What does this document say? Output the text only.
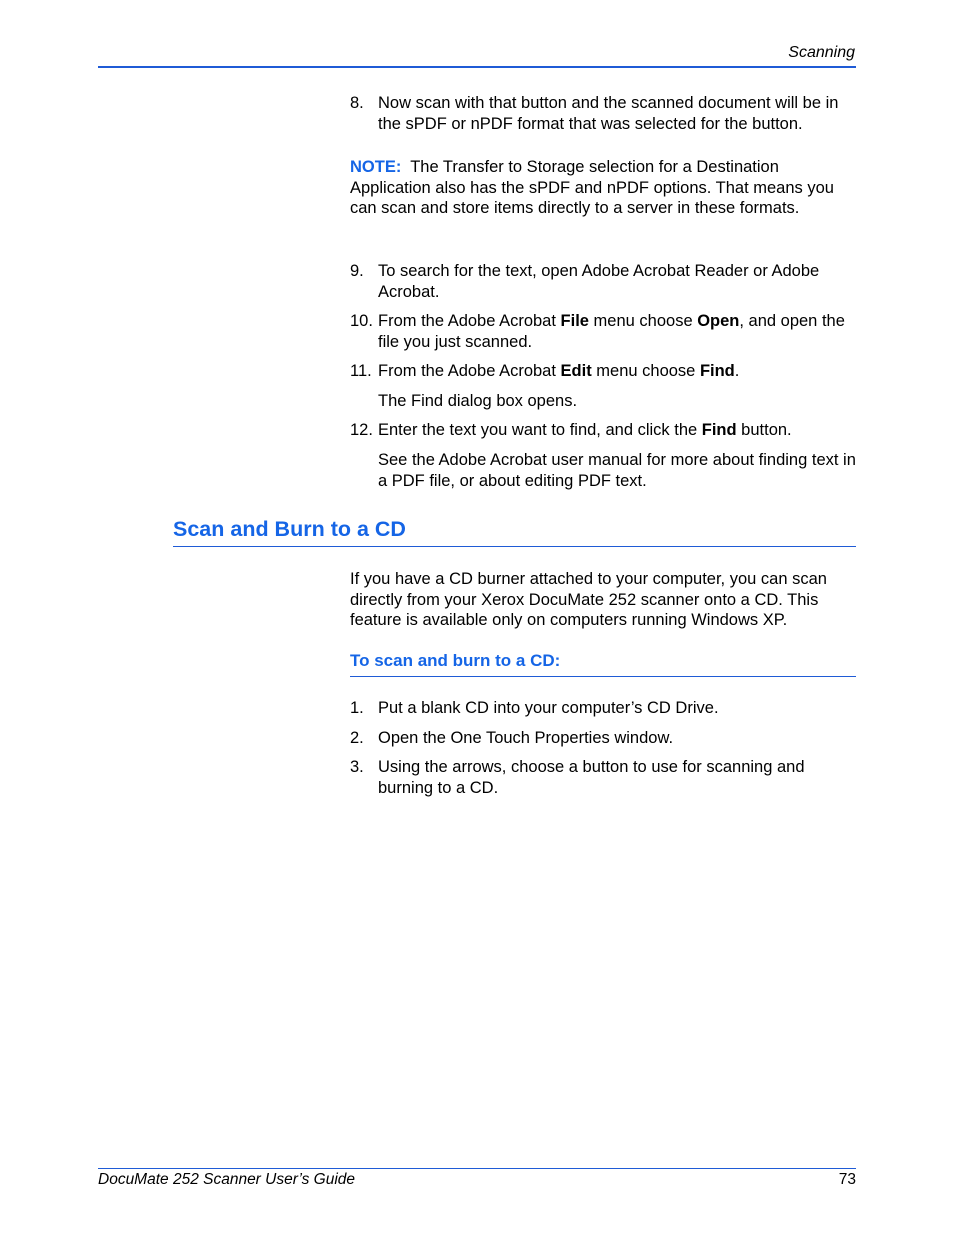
Scanning
8. Now scan with that button and the scanned document will be in the sPDF or nPDF format that was selected for the button.
NOTE: The Transfer to Storage selection for a Destination Application also has the sPDF and nPDF options. That means you can scan and store items directly to a server in these formats.
9. To search for the text, open Adobe Acrobat Reader or Adobe Acrobat.
10. From the Adobe Acrobat File menu choose Open, and open the file you just scanned.
11. From the Adobe Acrobat Edit menu choose Find.
The Find dialog box opens.
12. Enter the text you want to find, and click the Find button.
See the Adobe Acrobat user manual for more about finding text in a PDF file, or about editing PDF text.
Scan and Burn to a CD
If you have a CD burner attached to your computer, you can scan directly from your Xerox DocuMate 252 scanner onto a CD. This feature is available only on computers running Windows XP.
To scan and burn to a CD:
1. Put a blank CD into your computer’s CD Drive.
2. Open the One Touch Properties window.
3. Using the arrows, choose a button to use for scanning and burning to a CD.
DocuMate 252 Scanner User’s Guide	73
